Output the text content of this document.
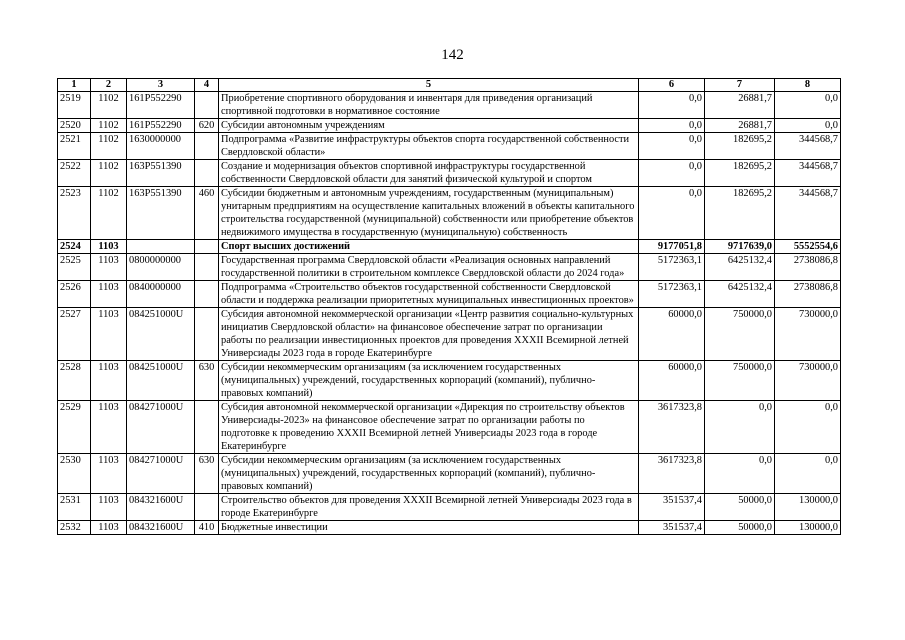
142
1	2	3	4	5	6	7	8
2519	1102	161P552290		Приобретение спортивного оборудования и инвентаря для приведения организаций спортивной подготовки в нормативное состояние	0,0	26881,7	0,0
2520	1102	161P552290	620	Субсидии автономным учреждениям	0,0	26881,7	0,0
2521	1102	1630000000		Подпрограмма «Развитие инфраструктуры объектов спорта государственной собственности Свердловской области»	0,0	182695,2	344568,7
2522	1102	163P551390		Создание и модернизация объектов спортивной инфраструктуры государственной собственности Свердловской области для занятий физической культурой и спортом	0,0	182695,2	344568,7
2523	1102	163P551390	460	Субсидии бюджетным и автономным учреждениям, государственным (муниципальным) унитарным предприятиям на осуществление капитальных вложений в объекты капитального строительства государственной (муниципальной) собственности или приобретение объектов недвижимого имущества в государственную (муниципальную) собственность	0,0	182695,2	344568,7
2524	1103			Спорт высших достижений	9177051,8	9717639,0	5552554,6
2525	1103	0800000000		Государственная программа Свердловской области «Реализация основных направлений государственной политики в строительном комплексе Свердловской области до 2024 года»	5172363,1	6425132,4	2738086,8
2526	1103	0840000000		Подпрограмма «Строительство объектов государственной собственности Свердловской области и поддержка реализации приоритетных муниципальных инвестиционных проектов»	5172363,1	6425132,4	2738086,8
2527	1103	084251000U		Субсидия автономной некоммерческой организации «Центр развития социально-культурных инициатив Свердловской области» на финансовое обеспечение затрат по организации работы по реализации инвестиционных проектов для проведения XXXII Всемирной летней Универсиады 2023 года в городе Екатеринбурге	60000,0	750000,0	730000,0
2528	1103	084251000U	630	Субсидии некоммерческим организациям (за исключением государственных (муниципальных) учреждений, государственных корпораций (компаний), публично-правовых компаний)	60000,0	750000,0	730000,0
2529	1103	084271000U		Субсидия автономной некоммерческой организации «Дирекция по строительству объектов Универсиады-2023» на финансовое обеспечение затрат по организации работы по подготовке к проведению XXXII Всемирной летней Универсиады 2023 года в городе Екатеринбурге	3617323,8	0,0	0,0
2530	1103	084271000U	630	Субсидии некоммерческим организациям (за исключением государственных (муниципальных) учреждений, государственных корпораций (компаний), публично-правовых компаний)	3617323,8	0,0	0,0
2531	1103	084321600U		Строительство объектов для проведения XXXII Всемирной летней Универсиады 2023 года в городе Екатеринбурге	351537,4	50000,0	130000,0
2532	1103	084321600U	410	Бюджетные инвестиции	351537,4	50000,0	130000,0
